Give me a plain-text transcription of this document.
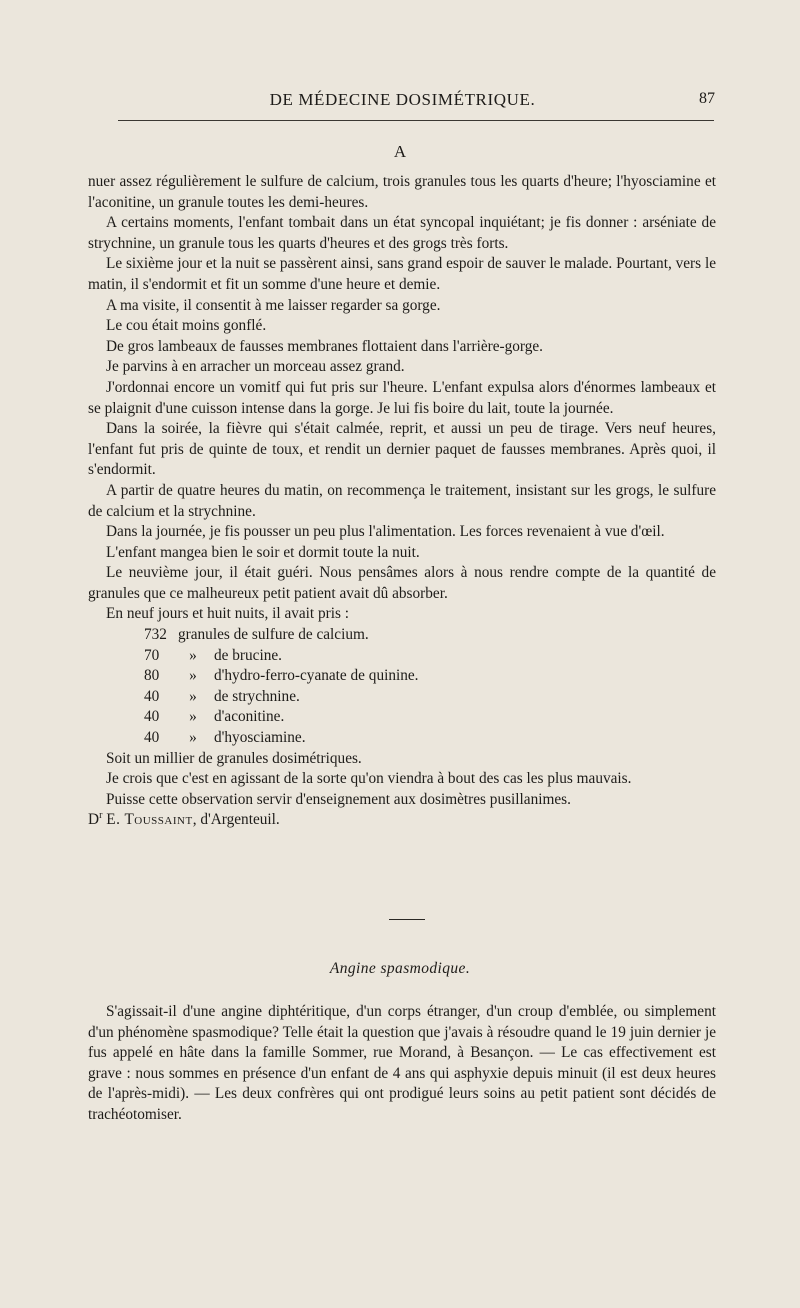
DE MÉDECINE DOSIMÉTRIQUE.	87
A

nuer assez régulièrement le sulfure de calcium, trois granules tous les quarts d'heure; l'hyosciamine et l'aconitine, un granule toutes les demi-heures.

A certains moments, l'enfant tombait dans un état syncopal inquiétant; je fis donner : arséniate de strychnine, un granule tous les quarts d'heures et des grogs très forts.

Le sixième jour et la nuit se passèrent ainsi, sans grand espoir de sauver le malade. Pourtant, vers le matin, il s'endormit et fit un somme d'une heure et demie.

A ma visite, il consentit à me laisser regarder sa gorge.

Le cou était moins gonflé.

De gros lambeaux de fausses membranes flottaient dans l'arrière-gorge.

Je parvins à en arracher un morceau assez grand.

J'ordonnai encore un vomitf qui fut pris sur l'heure. L'enfant expulsa alors d'énormes lambeaux et se plaignit d'une cuisson intense dans la gorge. Je lui fis boire du lait, toute la journée.

Dans la soirée, la fièvre qui s'était calmée, reprit, et aussi un peu de tirage. Vers neuf heures, l'enfant fut pris de quinte de toux, et rendit un dernier paquet de fausses membranes. Après quoi, il s'endormit.

A partir de quatre heures du matin, on recommença le traitement, insistant sur les grogs, le sulfure de calcium et la strychnine.

Dans la journée, je fis pousser un peu plus l'alimentation. Les forces revenaient à vue d'œil.

L'enfant mangea bien le soir et dormit toute la nuit.

Le neuvième jour, il était guéri. Nous pensâmes alors à nous rendre compte de la quantité de granules que ce malheureux petit patient avait dû absorber.

En neuf jours et huit nuits, il avait pris :

732 granules de sulfure de calcium.
70	»	de brucine.
80	»	d'hydro-ferro-cyanate de quinine.
40	»	de strychnine.
40	»	d'aconitine.
40	»	d'hyosciamine.

Soit un millier de granules dosimétriques.

Je crois que c'est en agissant de la sorte qu'on viendra à bout des cas les plus mauvais.

Puisse cette observation servir d'enseignement aux dosimètres pusillanimes.

$D^r$ E. Toussaint, d'Argenteuil.

Angine spasmodique.

S'agissait-il d'une angine diphtéritique, d'un corps étranger, d'un croup d'emblée, ou simplement d'un phénomène spasmodique? Telle était la question que j'avais à résoudre quand le 19 juin dernier je fus appelé en hâte dans la famille Sommer, rue Morand, à Besançon. — Le cas effectivement est grave : nous sommes en présence d'un enfant de 4 ans qui asphyxie depuis minuit (il est deux heures de l'après-midi). — Les deux confrères qui ont prodigué leurs soins au petit patient sont décidés de trachéotomiser.
